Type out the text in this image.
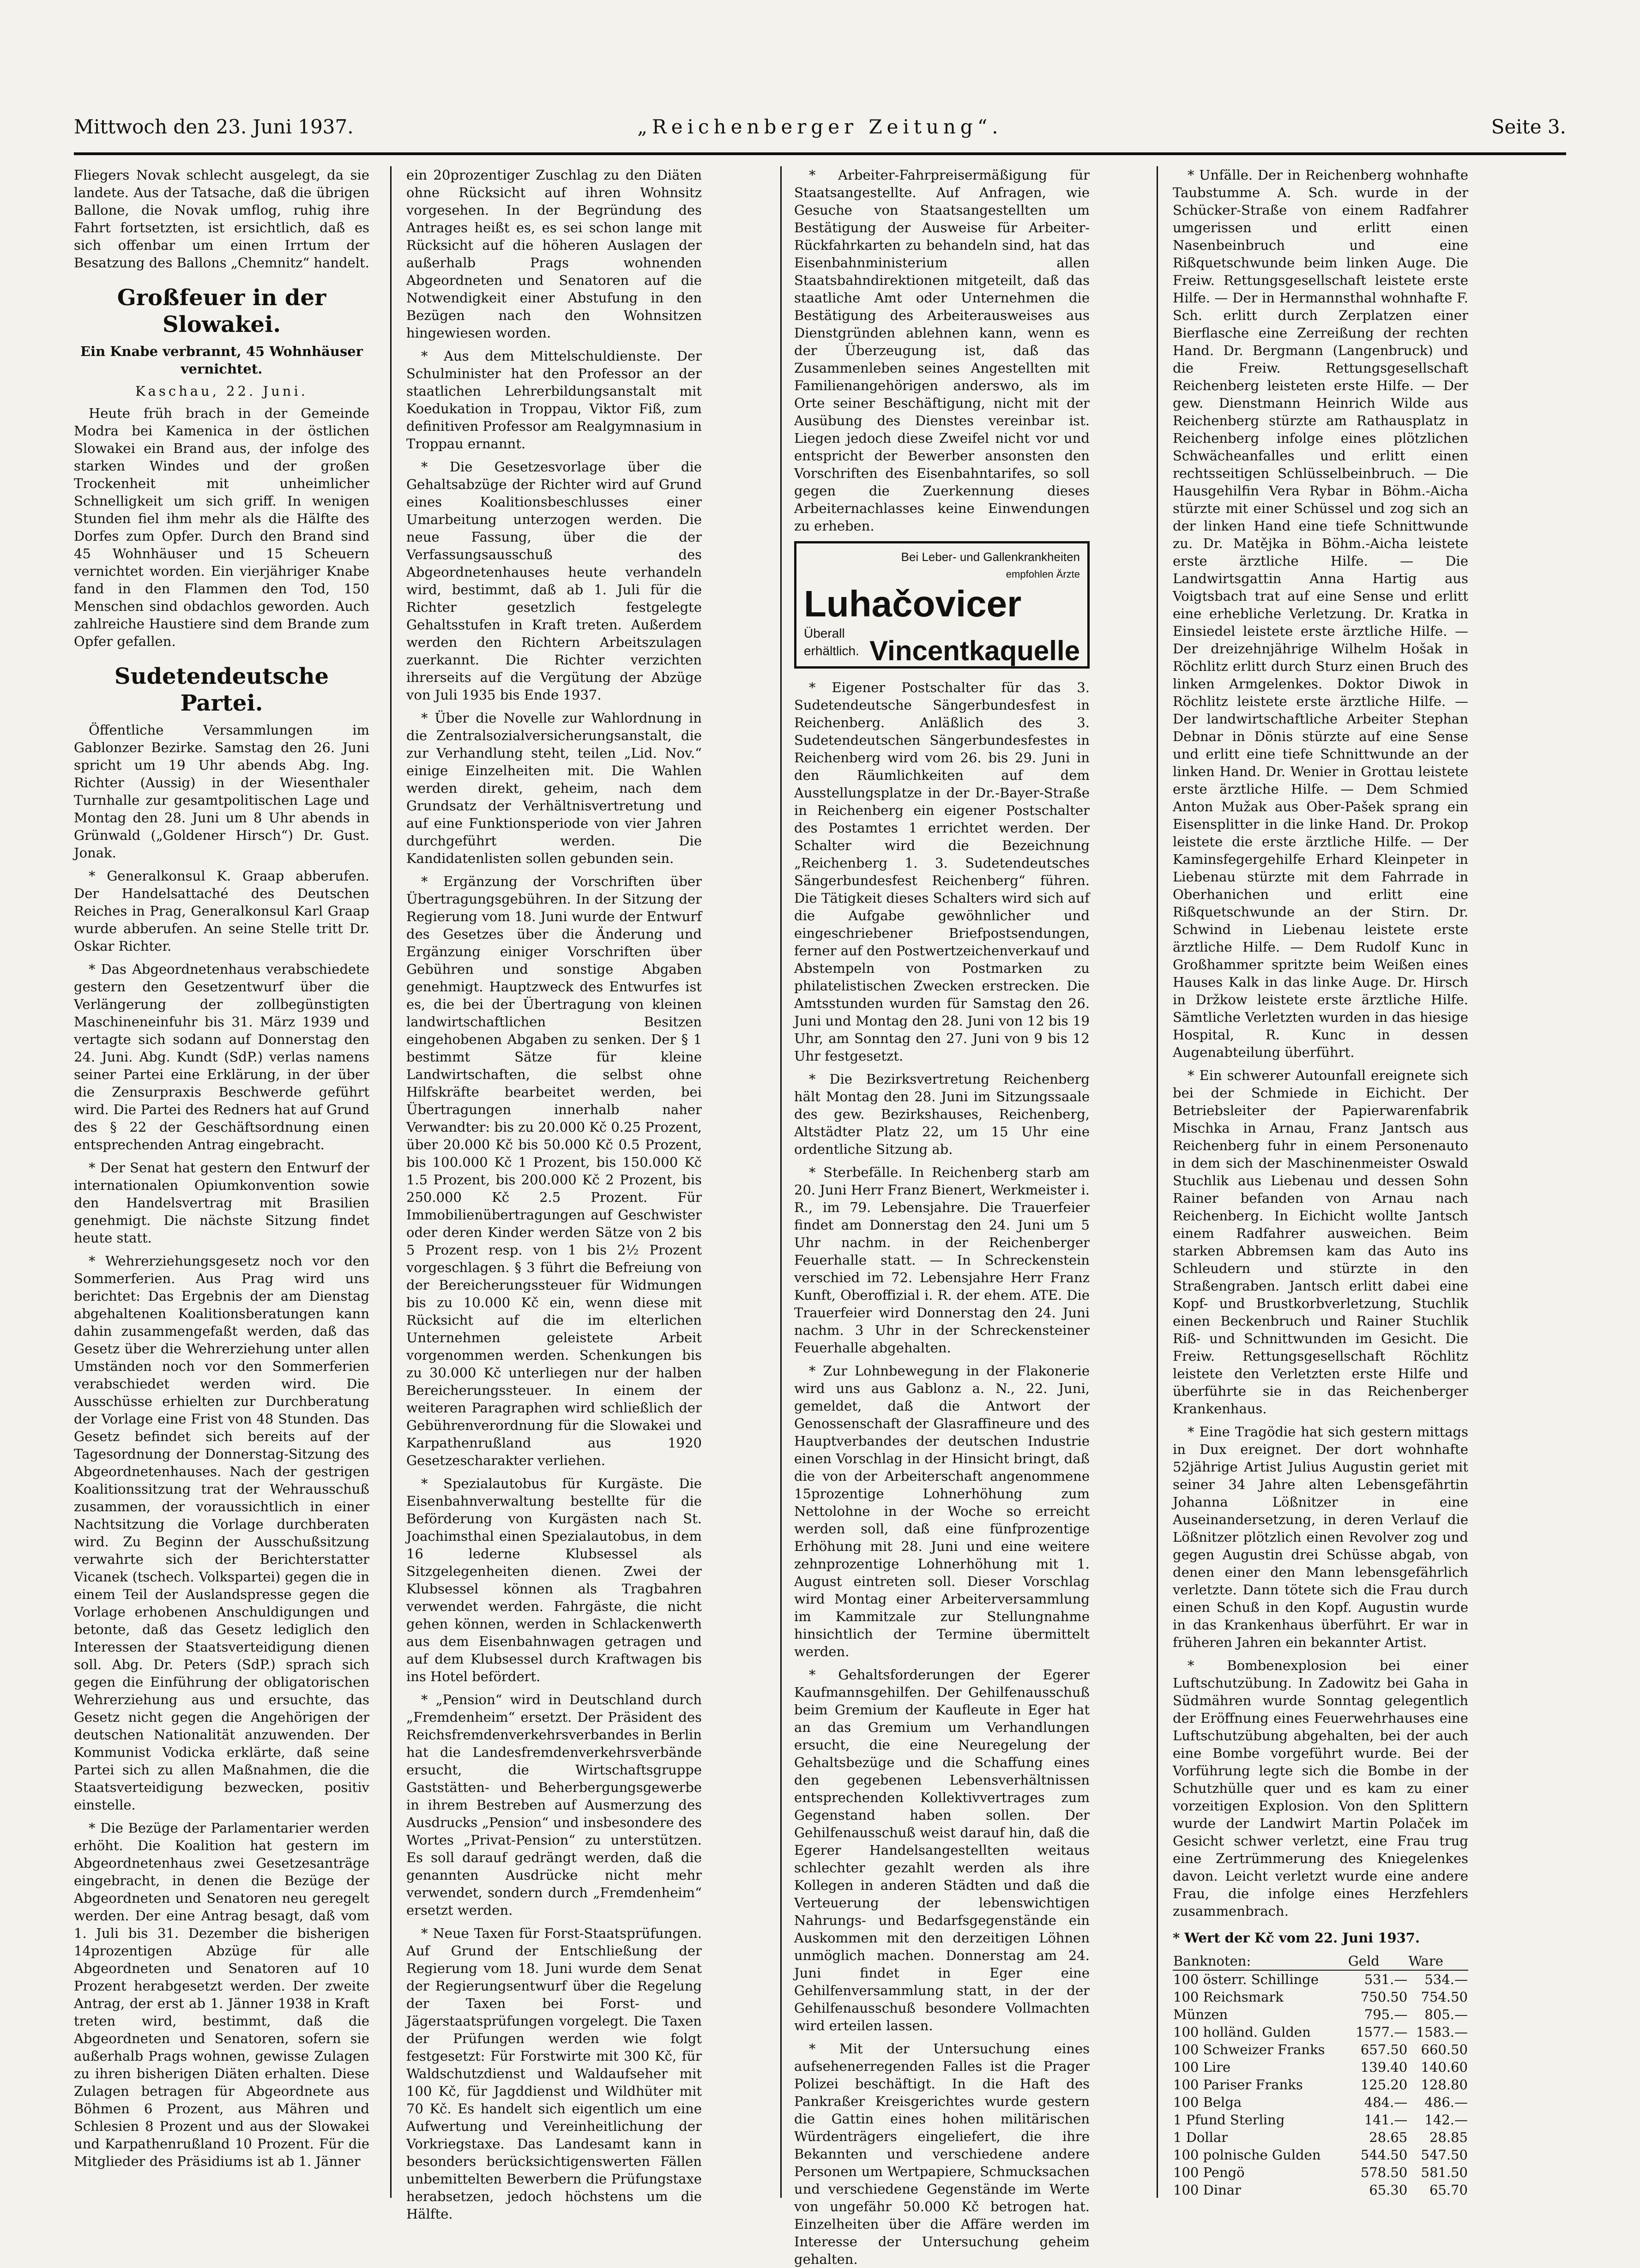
Mittwoch den 23. Juni 1937.	„Reichenberger Zeitung“.	Seite 3.

Fliegers Novak schlecht ausgelegt, da sie landete. Aus der Tatsache, daß die übrigen Ballone, die Novak umflog, ruhig ihre Fahrt fortsetzten, ist ersichtlich, daß es sich offenbar um einen Irrtum der Besatzung des Ballons „Chemnitz“ handelt.

Großfeuer in der Slowakei.

Ein Knabe verbrannt, 45 Wohnhäuser vernichtet.

Kaschau, 22. Juni.

Heute früh brach in der Gemeinde Modra bei Kamenica in der östlichen Slowakei ein Brand aus, der infolge des starken Windes und der großen Trockenheit mit unheimlicher Schnelligkeit um sich griff. In wenigen Stunden fiel ihm mehr als die Hälfte des Dorfes zum Opfer. Durch den Brand sind 45 Wohnhäuser und 15 Scheuern vernichtet worden. Ein vierjähriger Knabe fand in den Flammen den Tod, 150 Menschen sind obdachlos geworden. Auch zahlreiche Haustiere sind dem Brande zum Opfer gefallen.

Sudetendeutsche Partei.

Öffentliche Versammlungen im Gablonzer Bezirke. Samstag den 26. Juni spricht um 19 Uhr abends Abg. Ing. Richter (Aussig) in der Wiesenthaler Turnhalle zur gesamtpolitischen Lage und Montag den 28. Juni um 8 Uhr abends in Grünwald („Goldener Hirsch“) Dr. Gust. Jonak.

* Generalkonsul K. Graap abberufen. Der Handelsattaché des Deutschen Reiches in Prag, Generalkonsul Karl Graap wurde abberufen. An seine Stelle tritt Dr. Oskar Richter.

* Das Abgeordnetenhaus verabschiedete gestern den Gesetzentwurf über die Verlängerung der zollbegünstigten Maschineneinfuhr bis 31. März 1939 und vertagte sich sodann auf Donnerstag den 24. Juni. Abg. Kundt (SdP.) verlas namens seiner Partei eine Erklärung, in der über die Zensurpraxis Beschwerde geführt wird. Die Partei des Redners hat auf Grund des § 22 der Geschäftsordnung einen entsprechenden Antrag eingebracht.

* Der Senat hat gestern den Entwurf der internationalen Opiumkonvention sowie den Handelsvertrag mit Brasilien genehmigt. Die nächste Sitzung findet heute statt.

* Wehrerziehungsgesetz noch vor den Sommerferien. Aus Prag wird uns berichtet: Das Ergebnis der am Dienstag abgehaltenen Koalitionsberatungen kann dahin zusammengefaßt werden, daß das Gesetz über die Wehrerziehung unter allen Umständen noch vor den Sommerferien verabschiedet werden wird. Die Ausschüsse erhielten zur Durchberatung der Vorlage eine Frist von 48 Stunden. Das Gesetz befindet sich bereits auf der Tagesordnung der Donnerstag-Sitzung des Abgeordnetenhauses. Nach der gestrigen Koalitionssitzung trat der Wehrausschuß zusammen, der voraussichtlich in einer Nachtsitzung die Vorlage durchberaten wird. Zu Beginn der Ausschußsitzung verwahrte sich der Berichterstatter Vicanek (tschech. Volkspartei) gegen die in einem Teil der Auslandspresse gegen die Vorlage erhobenen Anschuldigungen und betonte, daß das Gesetz lediglich den Interessen der Staatsverteidigung dienen soll. Abg. Dr. Peters (SdP.) sprach sich gegen die Einführung der obligatorischen Wehrerziehung aus und ersuchte, das Gesetz nicht gegen die Angehörigen der deutschen Nationalität anzuwenden. Der Kommunist Vodicka erklärte, daß seine Partei sich zu allen Maßnahmen, die die Staatsverteidigung bezwecken, positiv einstelle.

* Die Bezüge der Parlamentarier werden erhöht. Die Koalition hat gestern im Abgeordnetenhaus zwei Gesetzesanträge eingebracht, in denen die Bezüge der Abgeordneten und Senatoren neu geregelt werden. Der eine Antrag besagt, daß vom 1. Juli bis 31. Dezember die bisherigen 14prozentigen Abzüge für alle Abgeordneten und Senatoren auf 10 Prozent herabgesetzt werden. Der zweite Antrag, der erst ab 1. Jänner 1938 in Kraft treten wird, bestimmt, daß die Abgeordneten und Senatoren, sofern sie außerhalb Prags wohnen, gewisse Zulagen zu ihren bisherigen Diäten erhalten. Diese Zulagen betragen für Abgeordnete aus Böhmen 6 Prozent, aus Mähren und Schlesien 8 Prozent und aus der Slowakei und Karpathenrußland 10 Prozent. Für die Mitglieder des Präsidiums ist ab 1. Jänner

ein 20prozentiger Zuschlag zu den Diäten ohne Rücksicht auf ihren Wohnsitz vorgesehen. In der Begründung des Antrages heißt es, es sei schon lange mit Rücksicht auf die höheren Auslagen der außerhalb Prags wohnenden Abgeordneten und Senatoren auf die Notwendigkeit einer Abstufung in den Bezügen nach den Wohnsitzen hingewiesen worden.

* Aus dem Mittelschuldienste. Der Schulminister hat den Professor an der staatlichen Lehrerbildungsanstalt mit Koedukation in Troppau, Viktor Fiß, zum definitiven Professor am Realgymnasium in Troppau ernannt.

* Die Gesetzesvorlage über die Gehaltsabzüge der Richter wird auf Grund eines Koalitionsbeschlusses einer Umarbeitung unterzogen werden. Die neue Fassung, über die der Verfassungsausschuß des Abgeordnetenhauses heute verhandeln wird, bestimmt, daß ab 1. Juli für die Richter gesetzlich festgelegte Gehaltsstufen in Kraft treten. Außerdem werden den Richtern Arbeitszulagen zuerkannt. Die Richter verzichten ihrerseits auf die Vergütung der Abzüge von Juli 1935 bis Ende 1937.

* Über die Novelle zur Wahlordnung in die Zentralsozialversicherungsanstalt, die zur Verhandlung steht, teilen „Lid. Nov.“ einige Einzelheiten mit. Die Wahlen werden direkt, geheim, nach dem Grundsatz der Verhältnisvertretung und auf eine Funktionsperiode von vier Jahren durchgeführt werden. Die Kandidatenlisten sollen gebunden sein.

* Ergänzung der Vorschriften über Übertragungsgebühren. In der Sitzung der Regierung vom 18. Juni wurde der Entwurf des Gesetzes über die Änderung und Ergänzung einiger Vorschriften über Gebühren und sonstige Abgaben genehmigt. Hauptzweck des Entwurfes ist es, die bei der Übertragung von kleinen landwirtschaftlichen Besitzen eingehobenen Abgaben zu senken. Der § 1 bestimmt Sätze für kleine Landwirtschaften, die selbst ohne Hilfskräfte bearbeitet werden, bei Übertragungen innerhalb naher Verwandter: bis zu 20.000 Kč 0.25 Prozent, über 20.000 Kč bis 50.000 Kč 0.5 Prozent, bis 100.000 Kč 1 Prozent, bis 150.000 Kč 1.5 Prozent, bis 200.000 Kč 2 Prozent, bis 250.000 Kč 2.5 Prozent. Für Immobilienübertragungen auf Geschwister oder deren Kinder werden Sätze von 2 bis 5 Prozent resp. von 1 bis 2½ Prozent vorgeschlagen. § 3 führt die Befreiung von der Bereicherungssteuer für Widmungen bis zu 10.000 Kč ein, wenn diese mit Rücksicht auf die im elterlichen Unternehmen geleistete Arbeit vorgenommen werden. Schenkungen bis zu 30.000 Kč unterliegen nur der halben Bereicherungssteuer. In einem der weiteren Paragraphen wird schließlich der Gebührenverordnung für die Slowakei und Karpathenrußland aus 1920 Gesetzescharakter verliehen.

* Spezialautobus für Kurgäste. Die Eisenbahnverwaltung bestellte für die Beförderung von Kurgästen nach St. Joachimsthal einen Spezialautobus, in dem 16 lederne Klubsessel als Sitzgelegenheiten dienen. Zwei der Klubsessel können als Tragbahren verwendet werden. Fahrgäste, die nicht gehen können, werden in Schlackenwerth aus dem Eisenbahnwagen getragen und auf dem Klubsessel durch Kraftwagen bis ins Hotel befördert.

* „Pension“ wird in Deutschland durch „Fremdenheim“ ersetzt. Der Präsident des Reichsfremdenverkehrsverbandes in Berlin hat die Landesfremdenverkehrsverbände ersucht, die Wirtschaftsgruppe Gaststätten- und Beherbergungsgewerbe in ihrem Bestreben auf Ausmerzung des Ausdrucks „Pension“ und insbesondere des Wortes „Privat-Pension“ zu unterstützen. Es soll darauf gedrängt werden, daß die genannten Ausdrücke nicht mehr verwendet, sondern durch „Fremdenheim“ ersetzt werden.

* Neue Taxen für Forst-Staatsprüfungen. Auf Grund der Entschließung der Regierung vom 18. Juni wurde dem Senat der Regierungsentwurf über die Regelung der Taxen bei Forst- und Jägerstaatsprüfungen vorgelegt. Die Taxen der Prüfungen werden wie folgt festgesetzt: Für Forstwirte mit 300 Kč, für Waldschutzdienst und Waldaufseher mit 100 Kč, für Jagddienst und Wildhüter mit 70 Kč. Es handelt sich eigentlich um eine Aufwertung und Vereinheitlichung der Vorkriegstaxe. Das Landesamt kann in besonders berücksichtigenswerten Fällen unbemittelten Bewerbern die Prüfungstaxe herabsetzen, jedoch höchstens um die Hälfte.

* Arbeiter-Fahrpreisermäßigung für Staatsangestellte. Auf Anfragen, wie Gesuche von Staatsangestellten um Bestätigung der Ausweise für Arbeiter-Rückfahrkarten zu behandeln sind, hat das Eisenbahnministerium allen Staatsbahndirektionen mitgeteilt, daß das staatliche Amt oder Unternehmen die Bestätigung des Arbeiterausweises aus Dienstgründen ablehnen kann, wenn es der Überzeugung ist, daß das Zusammenleben seines Angestellten mit Familienangehörigen anderswo, als im Orte seiner Beschäftigung, nicht mit der Ausübung des Dienstes vereinbar ist. Liegen jedoch diese Zweifel nicht vor und entspricht der Bewerber ansonsten den Vorschriften des Eisenbahntarifes, so soll gegen die Zuerkennung dieses Arbeiternachlasses keine Einwendungen zu erheben.

Bei Leber- und Gallenkrankheiten
empfohlen Ärzte
Luhačovicer
Überall erhältlich. Vincentkaquelle

* Eigener Postschalter für das 3. Sudetendeutsche Sängerbundesfest in Reichenberg. Anläßlich des 3. Sudetendeutschen Sängerbundesfestes in Reichenberg wird vom 26. bis 29. Juni in den Räumlichkeiten auf dem Ausstellungsplatze in der Dr.-Bayer-Straße in Reichenberg ein eigener Postschalter des Postamtes 1 errichtet werden. Der Schalter wird die Bezeichnung „Reichenberg 1. 3. Sudetendeutsches Sängerbundesfest Reichenberg“ führen. Die Tätigkeit dieses Schalters wird sich auf die Aufgabe gewöhnlicher und eingeschriebener Briefpostsendungen, ferner auf den Postwertzeichenverkauf und Abstempeln von Postmarken zu philatelistischen Zwecken erstrecken. Die Amtsstunden wurden für Samstag den 26. Juni und Montag den 28. Juni von 12 bis 19 Uhr, am Sonntag den 27. Juni von 9 bis 12 Uhr festgesetzt.

* Die Bezirksvertretung Reichenberg hält Montag den 28. Juni im Sitzungssaale des gew. Bezirkshauses, Reichenberg, Altstädter Platz 22, um 15 Uhr eine ordentliche Sitzung ab.

* Sterbefälle. In Reichenberg starb am 20. Juni Herr Franz Bienert, Werkmeister i. R., im 79. Lebensjahre. Die Trauerfeier findet am Donnerstag den 24. Juni um 5 Uhr nachm. in der Reichenberger Feuerhalle statt. — In Schreckenstein verschied im 72. Lebensjahre Herr Franz Kunft, Oberoffizial i. R. der ehem. ATE. Die Trauerfeier wird Donnerstag den 24. Juni nachm. 3 Uhr in der Schreckensteiner Feuerhalle abgehalten.

* Zur Lohnbewegung in der Flakonerie wird uns aus Gablonz a. N., 22. Juni, gemeldet, daß die Antwort der Genossenschaft der Glasraffineure und des Hauptverbandes der deutschen Industrie einen Vorschlag in der Hinsicht bringt, daß die von der Arbeiterschaft angenommene 15prozentige Lohnerhöhung zum Nettolohne in der Woche so erreicht werden soll, daß eine fünfprozentige Erhöhung mit 28. Juni und eine weitere zehnprozentige Lohnerhöhung mit 1. August eintreten soll. Dieser Vorschlag wird Montag einer Arbeiterversammlung im Kammitzale zur Stellungnahme hinsichtlich der Termine übermittelt werden.

* Gehaltsforderungen der Egerer Kaufmannsgehilfen. Der Gehilfenausschuß beim Gremium der Kaufleute in Eger hat an das Gremium um Verhandlungen ersucht, die eine Neuregelung der Gehaltsbezüge und die Schaffung eines den gegebenen Lebensverhältnissen entsprechenden Kollektivvertrages zum Gegenstand haben sollen. Der Gehilfenausschuß weist darauf hin, daß die Egerer Handelsangestellten weitaus schlechter gezahlt werden als ihre Kollegen in anderen Städten und daß die Verteuerung der lebenswichtigen Nahrungs- und Bedarfsgegenstände ein Auskommen mit den derzeitigen Löhnen unmöglich machen. Donnerstag am 24. Juni findet in Eger eine Gehilfenversammlung statt, in der der Gehilfenausschuß besondere Vollmachten wird erteilen lassen.

* Mit der Untersuchung eines aufsehenerregenden Falles ist die Prager Polizei beschäftigt. In die Haft des Pankraßer Kreisgerichtes wurde gestern die Gattin eines hohen militärischen Würdenträgers eingeliefert, die ihre Bekannten und verschiedene andere Personen um Wertpapiere, Schmucksachen und verschiedene Gegenstände im Werte von ungefähr 50.000 Kč betrogen hat. Einzelheiten über die Affäre werden im Interesse der Untersuchung geheim gehalten.

* Unfälle. Der in Reichenberg wohnhafte Taubstumme A. Sch. wurde in der Schücker-Straße von einem Radfahrer umgerissen und erlitt einen Nasenbeinbruch und eine Rißquetschwunde beim linken Auge. Die Freiw. Rettungsgesellschaft leistete erste Hilfe. — Der in Hermannsthal wohnhafte F. Sch. erlitt durch Zerplatzen einer Bierflasche eine Zerreißung der rechten Hand. Dr. Bergmann (Langenbruck) und die Freiw. Rettungsgesellschaft Reichenberg leisteten erste Hilfe. — Der gew. Dienstmann Heinrich Wilde aus Reichenberg stürzte am Rathausplatz in Reichenberg infolge eines plötzlichen Schwächeanfalles und erlitt einen rechtsseitigen Schlüsselbeinbruch. — Die Hausgehilfin Vera Rybar in Böhm.-Aicha stürzte mit einer Schüssel und zog sich an der linken Hand eine tiefe Schnittwunde zu. Dr. Matějka in Böhm.-Aicha leistete erste ärztliche Hilfe. — Die Landwirtsgattin Anna Hartig aus Voigtsbach trat auf eine Sense und erlitt eine erhebliche Verletzung. Dr. Kratka in Einsiedel leistete erste ärztliche Hilfe. — Der dreizehnjährige Wilhelm Hošak in Röchlitz erlitt durch Sturz einen Bruch des linken Armgelenkes. Doktor Diwok in Röchlitz leistete erste ärztliche Hilfe. — Der landwirtschaftliche Arbeiter Stephan Debnar in Dönis stürzte auf eine Sense und erlitt eine tiefe Schnittwunde an der linken Hand. Dr. Wenier in Grottau leistete erste ärztliche Hilfe. — Dem Schmied Anton Mužak aus Ober-Pašek sprang ein Eisensplitter in die linke Hand. Dr. Prokop leistete die erste ärztliche Hilfe. — Der Kaminsfegergehilfe Erhard Kleinpeter in Liebenau stürzte mit dem Fahrrade in Oberhanichen und erlitt eine Rißquetschwunde an der Stirn. Dr. Schwind in Liebenau leistete erste ärztliche Hilfe. — Dem Rudolf Kunc in Großhammer spritzte beim Weißen eines Hauses Kalk in das linke Auge. Dr. Hirsch in Držkow leistete erste ärztliche Hilfe. Sämtliche Verletzten wurden in das hiesige Hospital, R. Kunc in dessen Augenabteilung überführt.

* Ein schwerer Autounfall ereignete sich bei der Schmiede in Eichicht. Der Betriebsleiter der Papierwarenfabrik Mischka in Arnau, Franz Jantsch aus Reichenberg fuhr in einem Personenauto in dem sich der Maschinenmeister Oswald Stuchlik aus Liebenau und dessen Sohn Rainer befanden von Arnau nach Reichenberg. In Eichicht wollte Jantsch einem Radfahrer ausweichen. Beim starken Abbremsen kam das Auto ins Schleudern und stürzte in den Straßengraben. Jantsch erlitt dabei eine Kopf- und Brustkorbverletzung, Stuchlik einen Beckenbruch und Rainer Stuchlik Riß- und Schnittwunden im Gesicht. Die Freiw. Rettungsgesellschaft Röchlitz leistete den Verletzten erste Hilfe und überführte sie in das Reichenberger Krankenhaus.

* Eine Tragödie hat sich gestern mittags in Dux ereignet. Der dort wohnhafte 52jährige Artist Julius Augustin geriet mit seiner 34 Jahre alten Lebensgefährtin Johanna Lößnitzer in eine Auseinandersetzung, in deren Verlauf die Lößnitzer plötzlich einen Revolver zog und gegen Augustin drei Schüsse abgab, von denen einer den Mann lebensgefährlich verletzte. Dann tötete sich die Frau durch einen Schuß in den Kopf. Augustin wurde in das Krankenhaus überführt. Er war in früheren Jahren ein bekannter Artist.

* Bombenexplosion bei einer Luftschutzübung. In Zadowitz bei Gaha in Südmähren wurde Sonntag gelegentlich der Eröffnung eines Feuerwehrhauses eine Luftschutzübung abgehalten, bei der auch eine Bombe vorgeführt wurde. Bei der Vorführung legte sich die Bombe in der Schutzhülle quer und es kam zu einer vorzeitigen Explosion. Von den Splittern wurde der Landwirt Martin Polaček im Gesicht schwer verletzt, eine Frau trug eine Zertrümmerung des Kniegelenkes davon. Leicht verletzt wurde eine andere Frau, die infolge eines Herzfehlers zusammenbrach.

* Wert der Kč vom 22. Juni 1937.

Banknoten:	Geld	Ware
100 österr. Schillinge	531.—	534.—
100 Reichsmark	750.50	754.50
Münzen	795.—	805.—
100 holländ. Gulden	1577.—	1583.—
100 Schweizer Franks	657.50	660.50
100 Lire	139.40	140.60
100 Pariser Franks	125.20	128.80
100 Belga	484.—	486.—
1 Pfund Sterling	141.—	142.—
1 Dollar	28.65	28.85
100 polnische Gulden	544.50	547.50
100 Pengö	578.50	581.50
100 Dinar	65.30	65.70
